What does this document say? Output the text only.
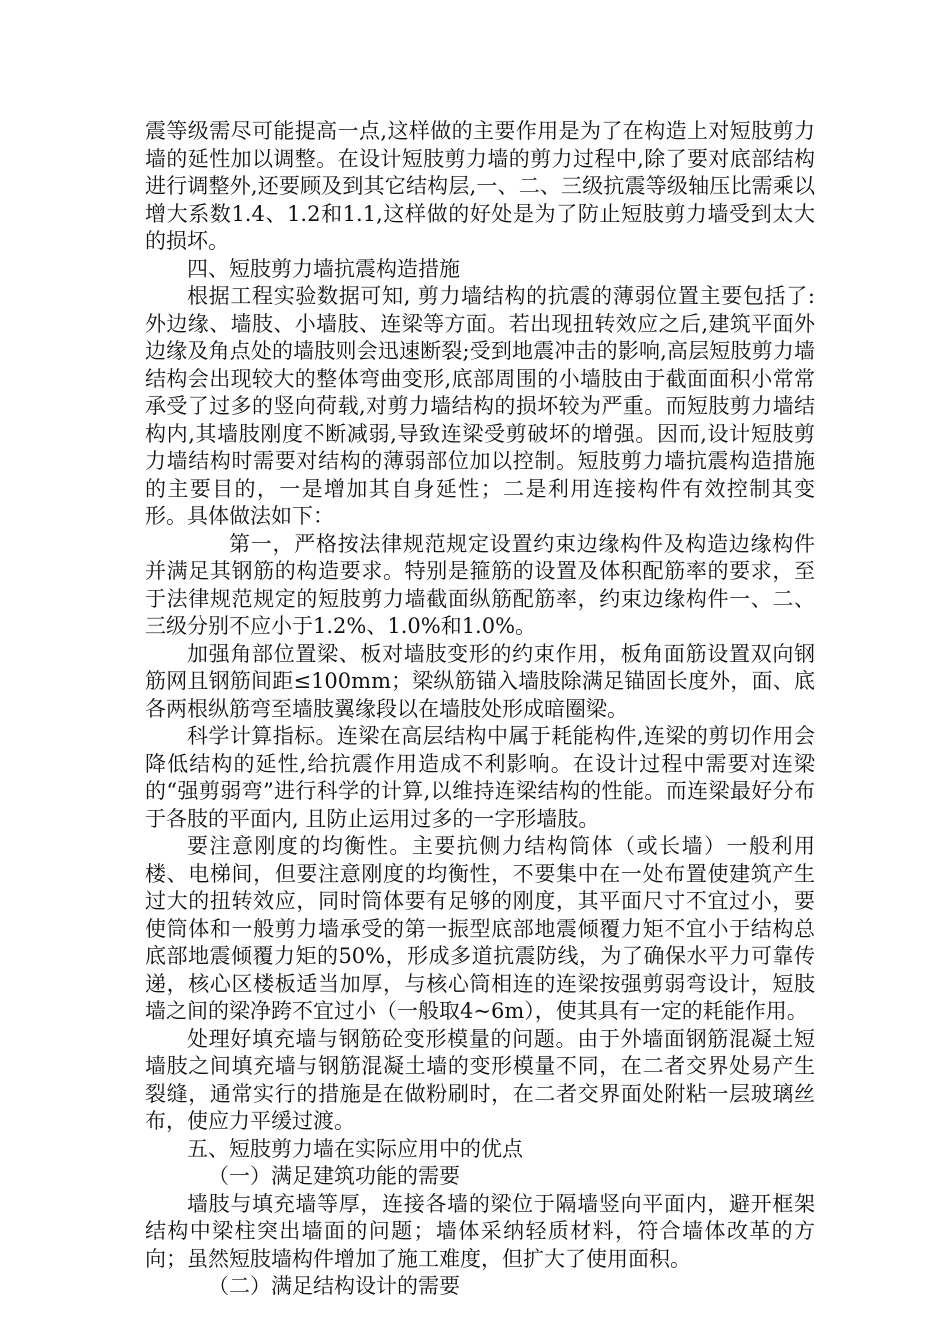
震等级需尽可能提高一点,这样做的主要作用是为了在构造上对短肢剪力墙的延性加以调整。在设计短肢剪力墙的剪力过程中,除了要对底部结构进行调整外,还要顾及到其它结构层,一、二、三级抗震等级轴压比需乘以增大系数1.4、1.2和1.1,这样做的好处是为了防止短肢剪力墙受到太大的损坏。

四、短肢剪力墙抗震构造措施

根据工程实验数据可知, 剪力墙结构的抗震的薄弱位置主要包括了:外边缘、墙肢、小墙肢、连梁等方面。若出现扭转效应之后,建筑平面外边缘及角点处的墙肢则会迅速断裂;受到地震冲击的影响,高层短肢剪力墙结构会出现较大的整体弯曲变形,底部周围的小墙肢由于截面面积小常常承受了过多的竖向荷载,对剪力墙结构的损坏较为严重。而短肢剪力墙结构内,其墙肢刚度不断减弱,导致连梁受剪破坏的增强。因而,设计短肢剪力墙结构时需要对结构的薄弱部位加以控制。短肢剪力墙抗震构造措施的主要目的，一是增加其自身延性；二是利用连接构件有效控制其变形。具体做法如下：

第一，严格按法律规范规定设置约束边缘构件及构造边缘构件并满足其钢筋的构造要求。特别是箍筋的设置及体积配筋率的要求，至于法律规范规定的短肢剪力墙截面纵筋配筋率，约束边缘构件一、二、三级分别不应小于1.2%、1.0%和1.0%。

加强角部位置梁、板对墙肢变形的约束作用，板角面筋设置双向钢筋网且钢筋间距≤100mm；梁纵筋锚入墙肢除满足锚固长度外，面、底各两根纵筋弯至墙肢翼缘段以在墙肢处形成暗圈梁。

科学计算指标。连梁在高层结构中属于耗能构件,连梁的剪切作用会降低结构的延性,给抗震作用造成不利影响。在设计过程中需要对连梁的“强剪弱弯”进行科学的计算,以维持连梁结构的性能。而连梁最好分布于各肢的平面内, 且防止运用过多的一字形墙肢。

要注意刚度的均衡性。主要抗侧力结构筒体（或长墙）一般利用楼、电梯间，但要注意刚度的均衡性，不要集中在一处布置使建筑产生过大的扭转效应，同时筒体要有足够的刚度，其平面尺寸不宜过小，要使筒体和一般剪力墙承受的第一振型底部地震倾覆力矩不宜小于结构总底部地震倾覆力矩的50%，形成多道抗震防线，为了确保水平力可靠传递，核心区楼板适当加厚，与核心筒相连的连梁按强剪弱弯设计，短肢墙之间的梁净跨不宜过小（一般取4~6m），使其具有一定的耗能作用。

处理好填充墙与钢筋砼变形模量的问题。由于外墙面钢筋混凝土短墙肢之间填充墙与钢筋混凝土墙的变形模量不同，在二者交界处易产生裂缝，通常实行的措施是在做粉刷时，在二者交界面处附粘一层玻璃丝布，使应力平缓过渡。

五、短肢剪力墙在实际应用中的优点

（一）满足建筑功能的需要

墙肢与填充墙等厚，连接各墙的梁位于隔墙竖向平面内，避开框架结构中梁柱突出墙面的问题；墙体采纳轻质材料，符合墙体改革的方向；虽然短肢墙构件增加了施工难度，但扩大了使用面积。

（二）满足结构设计的需要
